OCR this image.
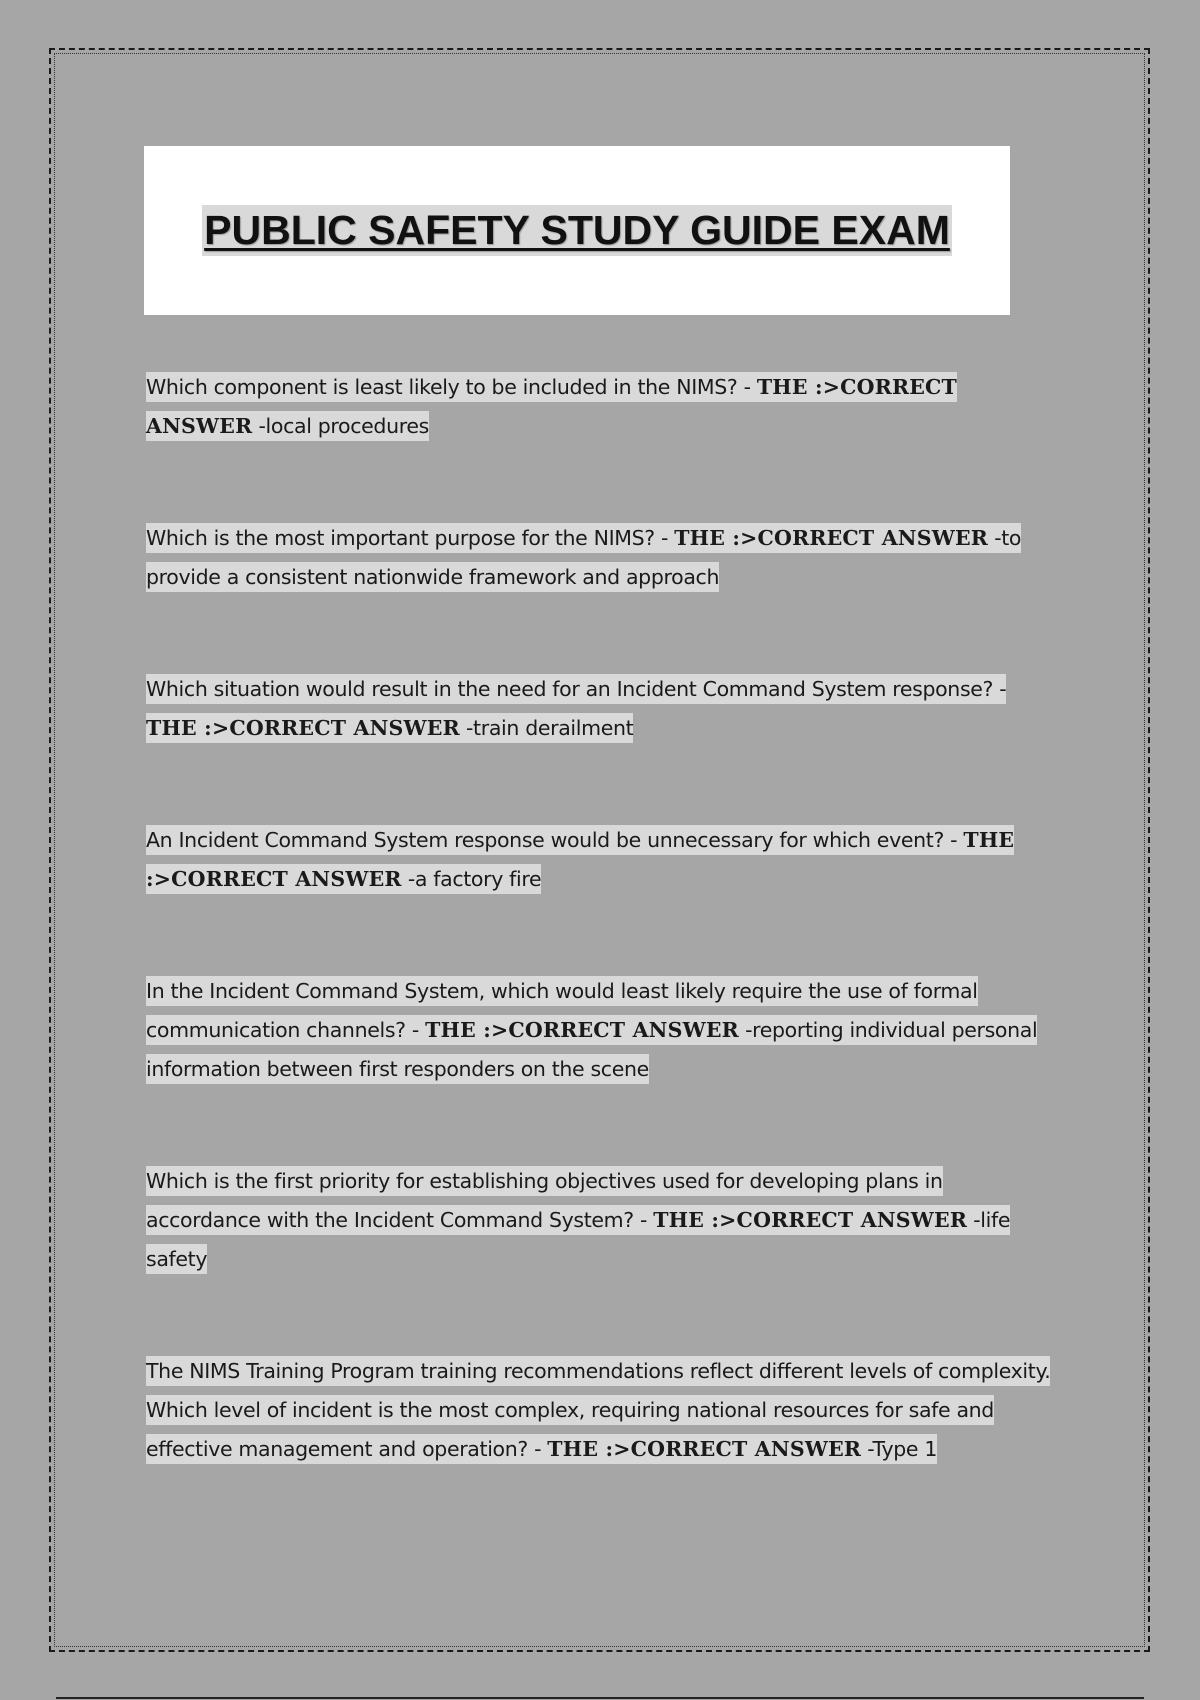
PUBLIC SAFETY STUDY GUIDE EXAM

Which component is least likely to be included in the NIMS? - THE :>CORRECT ANSWER -local procedures

Which is the most important purpose for the NIMS? - THE :>CORRECT ANSWER -to provide a consistent nationwide framework and approach

Which situation would result in the need for an Incident Command System response? - THE :>CORRECT ANSWER -train derailment

An Incident Command System response would be unnecessary for which event? - THE :>CORRECT ANSWER -a factory fire

In the Incident Command System, which would least likely require the use of formal communication channels? - THE :>CORRECT ANSWER -reporting individual personal information between first responders on the scene

Which is the first priority for establishing objectives used for developing plans in accordance with the Incident Command System? - THE :>CORRECT ANSWER -life safety

The NIMS Training Program training recommendations reflect different levels of complexity. Which level of incident is the most complex, requiring national resources for safe and effective management and operation? - THE :>CORRECT ANSWER -Type 1
